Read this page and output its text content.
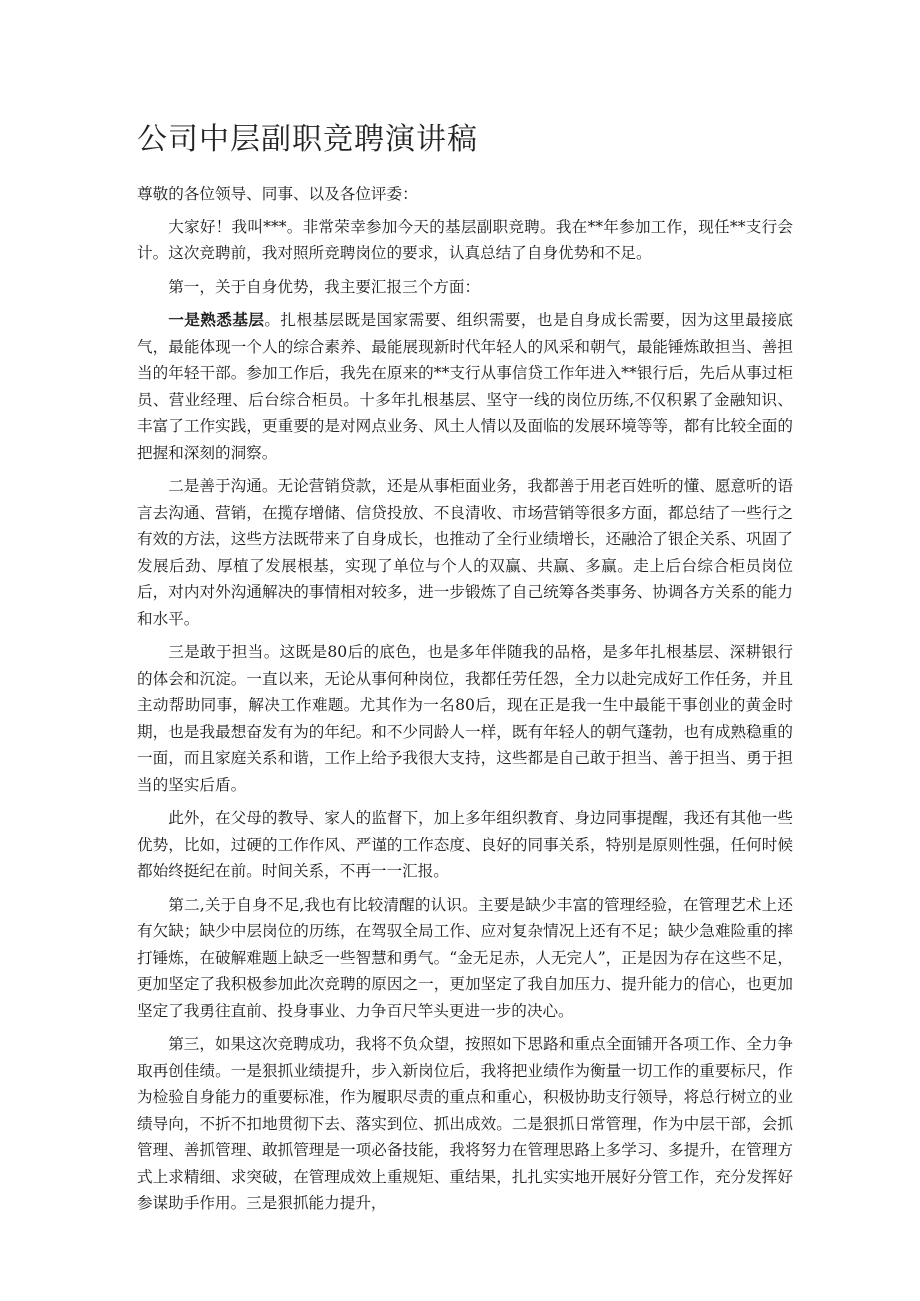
公司中层副职竞聘演讲稿
尊敬的各位领导、同事、以及各位评委：

大家好！我叫***。非常荣幸参加今天的基层副职竞聘。我在**年参加工作，现任**支行会计。这次竞聘前，我对照所竞聘岗位的要求，认真总结了自身优势和不足。

第一，关于自身优势，我主要汇报三个方面：

一是熟悉基层。扎根基层既是国家需要、组织需要，也是自身成长需要，因为这里最接底气，最能体现一个人的综合素养、最能展现新时代年轻人的风采和朝气，最能锤炼敢担当、善担当的年轻干部。参加工作后，我先在原来的**支行从事信贷工作年进入**银行后，先后从事过柜员、营业经理、后台综合柜员。十多年扎根基层、坚守一线的岗位历练,不仅积累了金融知识、丰富了工作实践，更重要的是对网点业务、风土人情以及面临的发展环境等等，都有比较全面的把握和深刻的洞察。

二是善于沟通。无论营销贷款，还是从事柜面业务，我都善于用老百姓听的懂、愿意听的语言去沟通、营销，在揽存增储、信贷投放、不良清收、市场营销等很多方面，都总结了一些行之有效的方法，这些方法既带来了自身成长，也推动了全行业绩增长，还融洽了银企关系、巩固了发展后劲、厚植了发展根基，实现了单位与个人的双赢、共赢、多赢。走上后台综合柜员岗位后，对内对外沟通解决的事情相对较多，进一步锻炼了自己统筹各类事务、协调各方关系的能力和水平。

三是敢于担当。这既是80后的底色，也是多年伴随我的品格，是多年扎根基层、深耕银行的体会和沉淀。一直以来，无论从事何种岗位，我都任劳任怨，全力以赴完成好工作任务，并且主动帮助同事，解决工作难题。尤其作为一名80后，现在正是我一生中最能干事创业的黄金时期，也是我最想奋发有为的年纪。和不少同龄人一样，既有年轻人的朝气蓬勃，也有成熟稳重的一面，而且家庭关系和谐，工作上给予我很大支持，这些都是自己敢于担当、善于担当、勇于担当的坚实后盾。

此外，在父母的教导、家人的监督下，加上多年组织教育、身边同事提醒，我还有其他一些优势，比如，过硬的工作作风、严谨的工作态度、良好的同事关系，特别是原则性强，任何时候都始终挺纪在前。时间关系，不再一一汇报。

第二,关于自身不足,我也有比较清醒的认识。主要是缺少丰富的管理经验，在管理艺术上还有欠缺；缺少中层岗位的历练，在驾驭全局工作、应对复杂情况上还有不足；缺少急难险重的摔打锤炼，在破解难题上缺乏一些智慧和勇气。“金无足赤，人无完人”，正是因为存在这些不足，更加坚定了我积极参加此次竞聘的原因之一，更加坚定了我自加压力、提升能力的信心，也更加坚定了我勇往直前、投身事业、力争百尺竿头更进一步的决心。

第三，如果这次竞聘成功，我将不负众望，按照如下思路和重点全面铺开各项工作、全力争取再创佳绩。一是狠抓业绩提升，步入新岗位后，我将把业绩作为衡量一切工作的重要标尺，作为检验自身能力的重要标准，作为履职尽责的重点和重心，积极协助支行领导，将总行树立的业绩导向，不折不扣地贯彻下去、落实到位、抓出成效。二是狠抓日常管理，作为中层干部，会抓管理、善抓管理、敢抓管理是一项必备技能，我将努力在管理思路上多学习、多提升，在管理方式上求精细、求突破，在管理成效上重规矩、重结果，扎扎实实地开展好分管工作，充分发挥好参谋助手作用。三是狠抓能力提升，
